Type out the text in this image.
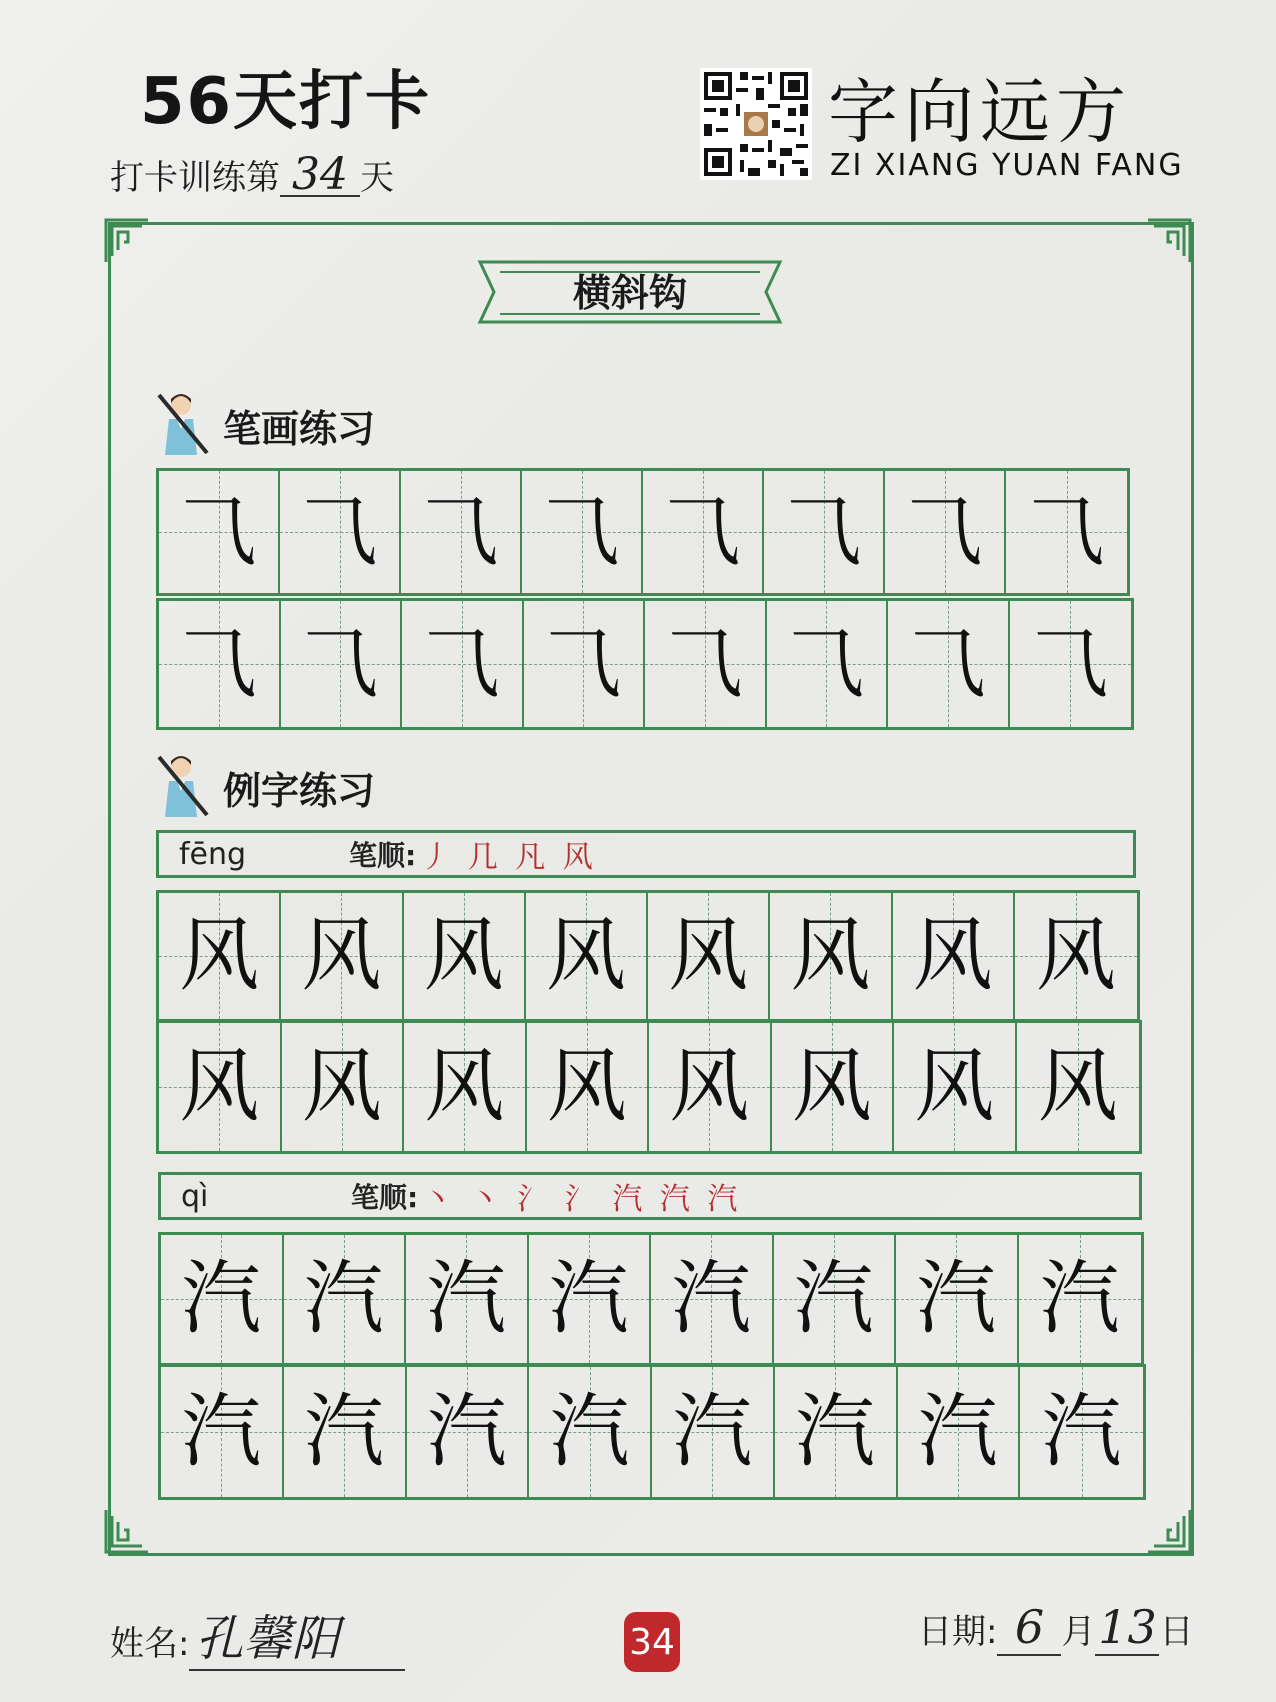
56天打卡
打卡训练第 34 天
字向远方
ZI XIANG YUAN FANG
横斜钩
笔画练习
⺄ ⺄ ⺄ ⺄ ⺄ ⺄ ⺄ ⺄
⺄ ⺄ ⺄ ⺄ ⺄ ⺄ ⺄ ⺄
例字练习
fēng	笔顺: 丿 几 凡 风
风 风 风 风 风 风 风 风
风 风 风 风 风 风 风 风
qì	笔顺: 丶 丶 氵 氵 汽 汽 汽
汽 汽 汽 汽 汽 汽 汽 汽
汽 汽 汽 汽 汽 汽 汽 汽
姓名: 孔馨阳	34	日期: 6 月13日
